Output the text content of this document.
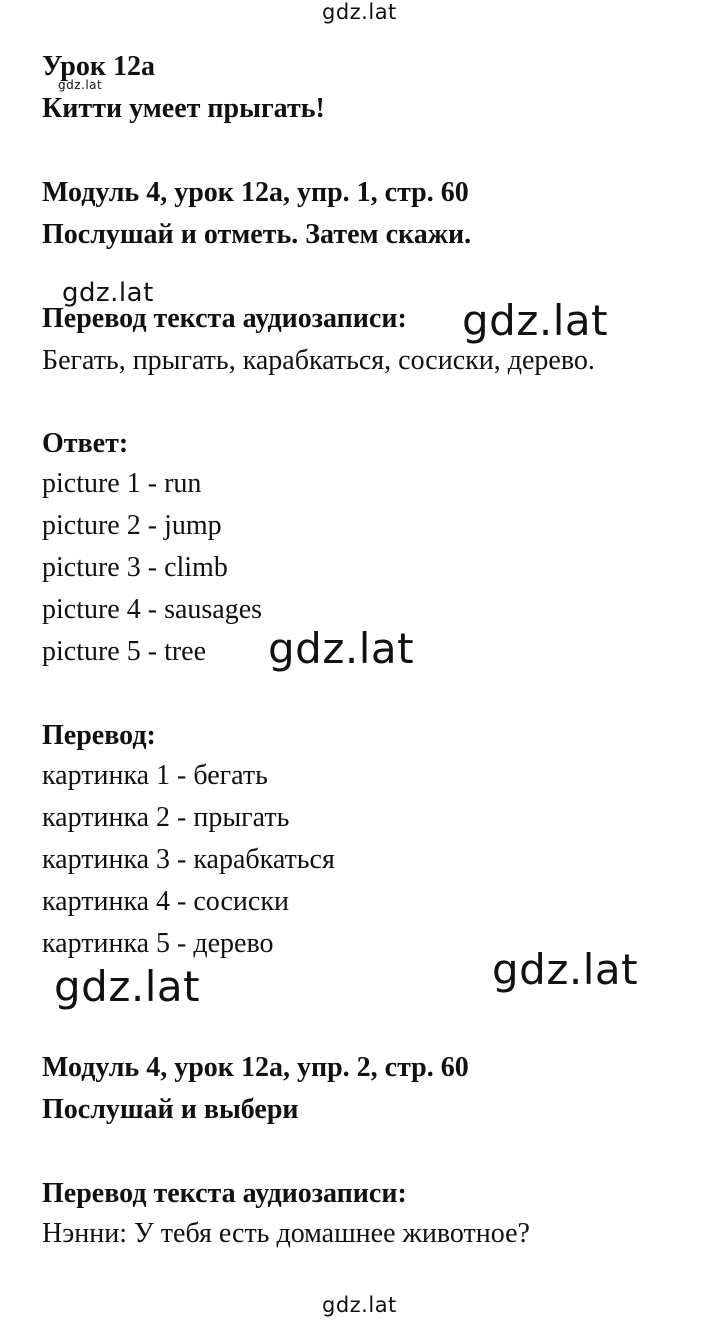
gdz.lat
gdz.lat
Урок 12a
Китти умеет прыгать!
Модуль 4, урок 12a, упр. 1, стр. 60
Послушай и отметь. Затем скажи.
Перевод текста аудиозаписи:
gdz.lat
gdz.lat
Бегать, прыгать, карабкаться, сосиски, дерево.
Ответ:
picture 1 - run
picture 2 - jump
picture 3 - climb
picture 4 - sausages
picture 5 - tree gdz.lat
Перевод:
картинка 1 - бегать
картинка 2 - прыгать
картинка 3 - карабкаться
картинка 4 - сосиски
картинка 5 - дерево
gdz.lat
gdz.lat
Модуль 4, урок 12a, упр. 2, стр. 60
Послушай и выбери
Перевод текста аудиозаписи:
Нэнни: У тебя есть домашнее животное?
gdz.lat
